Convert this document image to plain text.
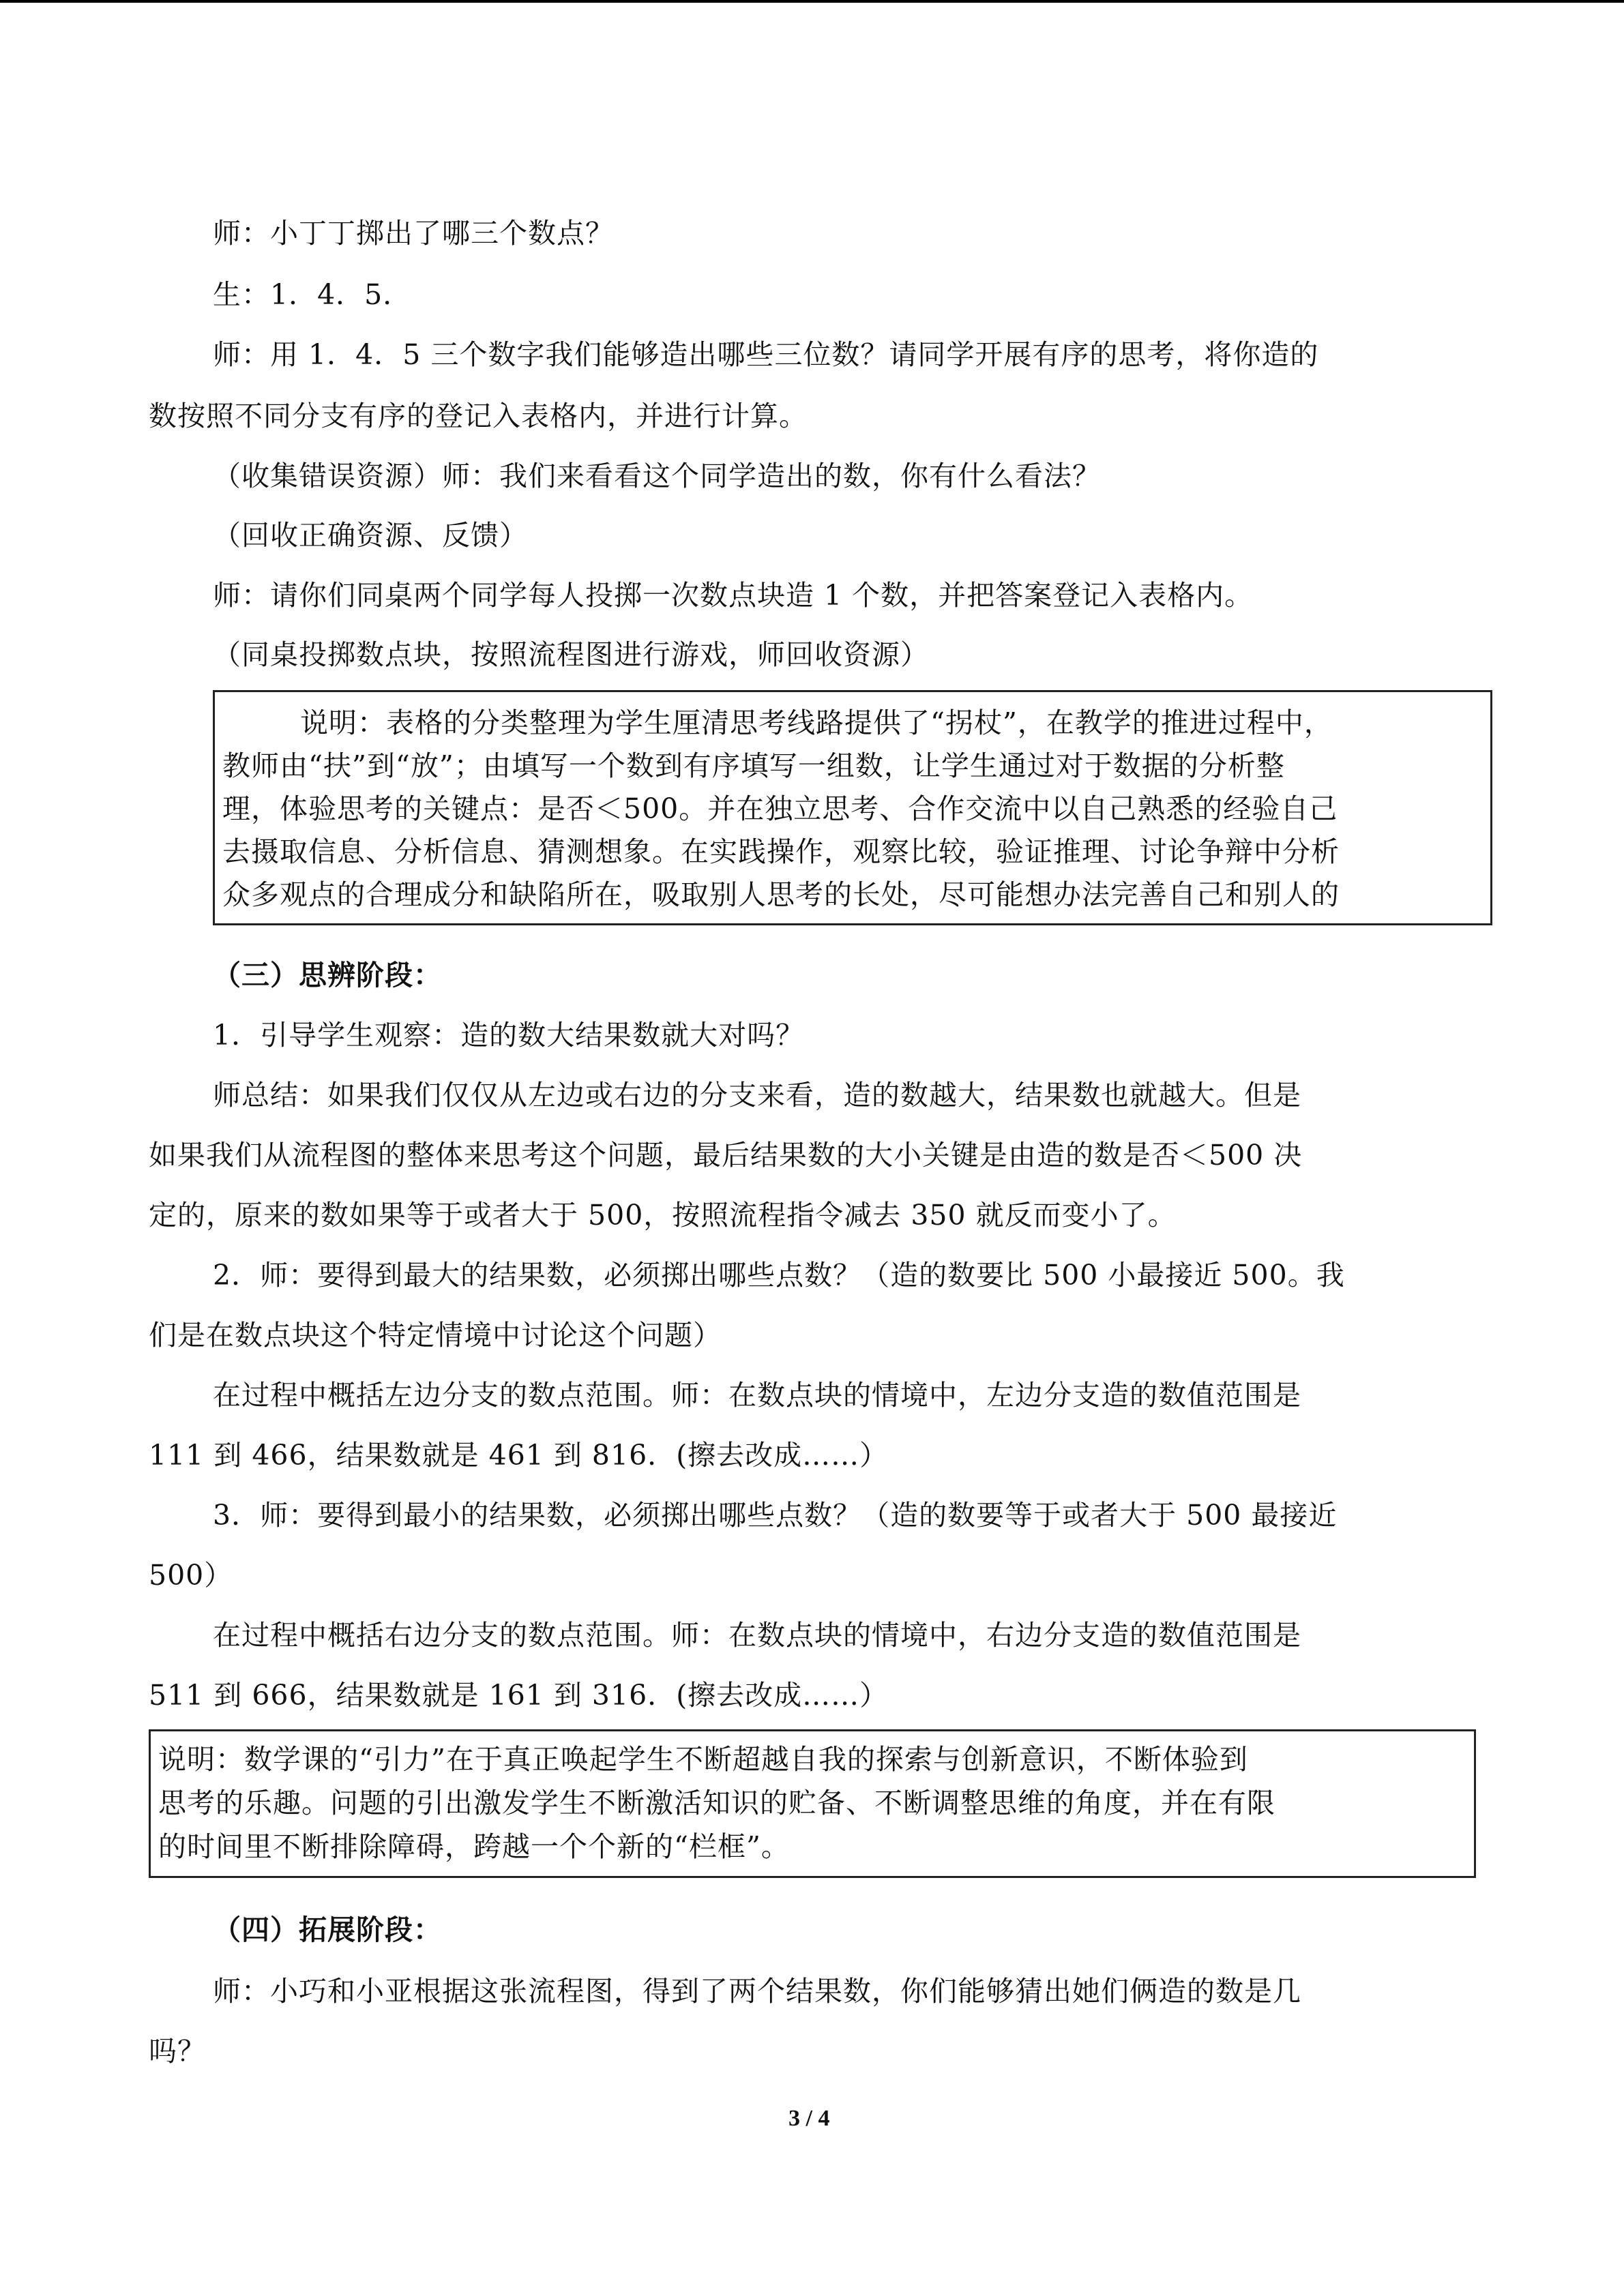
师：小丁丁掷出了哪三个数点？
生：1．4．5．
师：用 1．4．5 三个数字我们能够造出哪些三位数？请同学开展有序的思考，将你造的
数按照不同分支有序的登记入表格内，并进行计算。
（收集错误资源）师：我们来看看这个同学造出的数，你有什么看法？
（回收正确资源、反馈）
师：请你们同桌两个同学每人投掷一次数点块造 1 个数，并把答案登记入表格内。
（同桌投掷数点块，按照流程图进行游戏，师回收资源）
说明：表格的分类整理为学生厘清思考线路提供了“拐杖”，在教学的推进过程中，
教师由“扶”到“放”；由填写一个数到有序填写一组数，让学生通过对于数据的分析整
理，体验思考的关键点：是否＜500。并在独立思考、合作交流中以自己熟悉的经验自己
去摄取信息、分析信息、猜测想象。在实践操作，观察比较，验证推理、讨论争辩中分析
众多观点的合理成分和缺陷所在，吸取别人思考的长处，尽可能想办法完善自己和别人的
（三）思辨阶段：
1．引导学生观察：造的数大结果数就大对吗？
师总结：如果我们仅仅从左边或右边的分支来看，造的数越大，结果数也就越大。但是
如果我们从流程图的整体来思考这个问题，最后结果数的大小关键是由造的数是否＜500 决
定的，原来的数如果等于或者大于 500，按照流程指令减去 350 就反而变小了。
2．师：要得到最大的结果数，必须掷出哪些点数？（造的数要比 500 小最接近 500。我
们是在数点块这个特定情境中讨论这个问题）
在过程中概括左边分支的数点范围。师：在数点块的情境中，左边分支造的数值范围是
111 到 466，结果数就是 461 到 816．(擦去改成……）
3．师：要得到最小的结果数，必须掷出哪些点数？（造的数要等于或者大于 500 最接近
500）
在过程中概括右边分支的数点范围。师：在数点块的情境中，右边分支造的数值范围是
511 到 666，结果数就是 161 到 316．(擦去改成……）
说明：数学课的“引力”在于真正唤起学生不断超越自我的探索与创新意识，不断体验到
思考的乐趣。问题的引出激发学生不断激活知识的贮备、不断调整思维的角度，并在有限
的时间里不断排除障碍，跨越一个个新的“栏框”。
（四）拓展阶段：
师：小巧和小亚根据这张流程图，得到了两个结果数，你们能够猜出她们俩造的数是几
吗？
3 / 4
